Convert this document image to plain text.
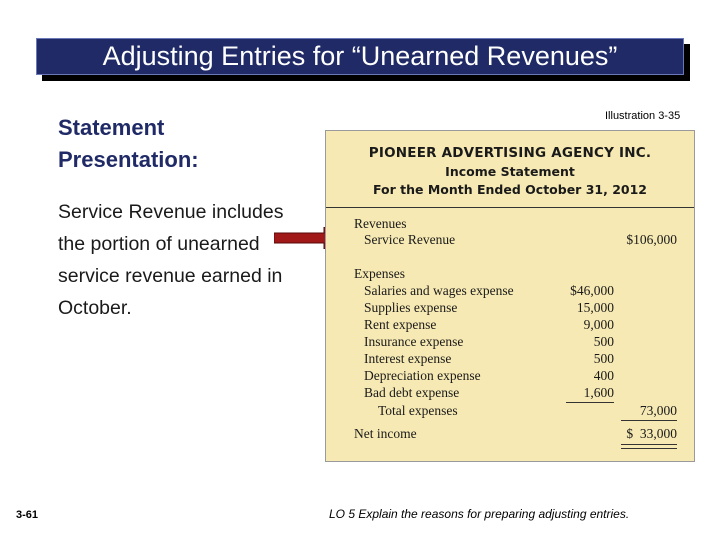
Adjusting Entries for “Unearned Revenues”
Statement
Presentation:
Service Revenue includes the portion of unearned service revenue earned in October.
Illustration 3-35
PIONEER ADVERTISING AGENCY INC.
Income Statement
For the Month Ended October 31, 2012
Revenues
Service Revenue	$106,000
Expenses
Salaries and wages expense	$46,000
Supplies expense	15,000
Rent expense	9,000
Insurance expense	500
Interest expense	500
Depreciation expense	400
Bad debt expense	1,600
Total expenses	73,000
Net income	$  33,000
3-61	LO 5 Explain the reasons for preparing adjusting entries.
